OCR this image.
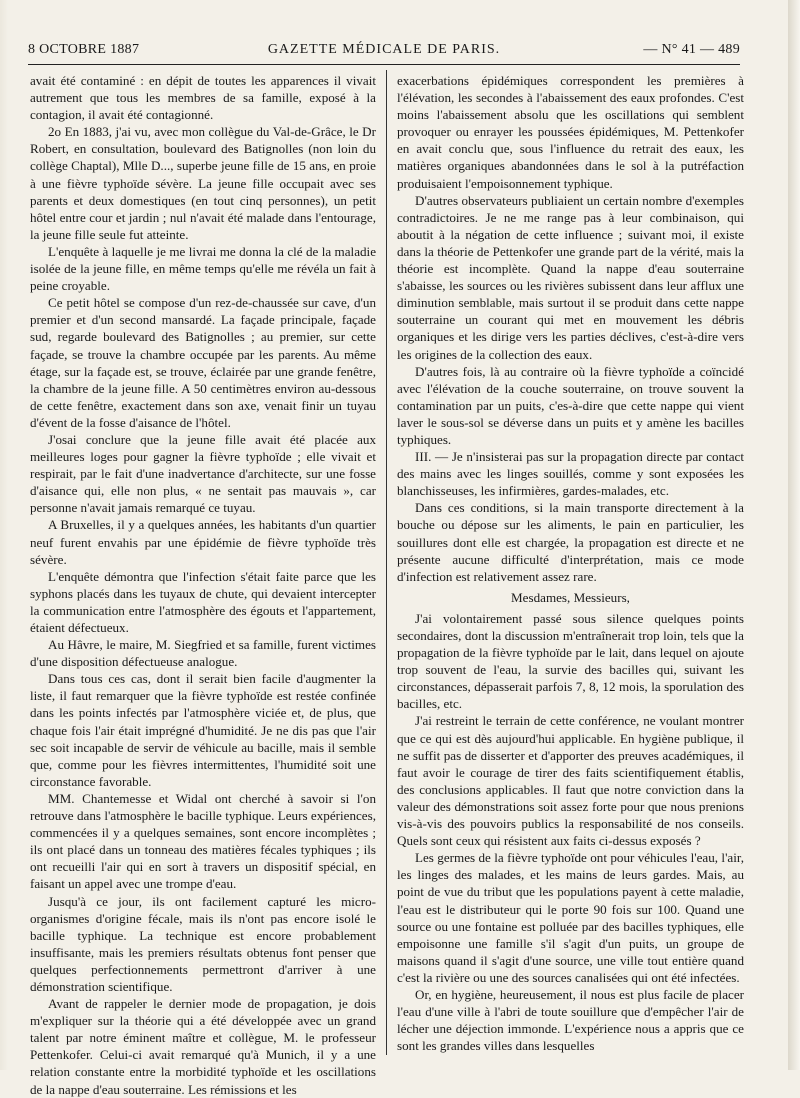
8 OCTOBRE 1887	GAZETTE MÉDICALE DE PARIS.	— N° 41 — 489

avait été contaminé : en dépit de toutes les apparences il vivait autrement que tous les membres de sa famille, exposé à la contagion, il avait été contagionné.

2o En 1883, j'ai vu, avec mon collègue du Val-de-Grâce, le Dr Robert, en consultation, boulevard des Batignolles (non loin du collège Chaptal), Mlle D..., superbe jeune fille de 15 ans, en proie à une fièvre typhoïde sévère. La jeune fille occupait avec ses parents et deux domestiques (en tout cinq personnes), un petit hôtel entre cour et jardin ; nul n'avait été malade dans l'entourage, la jeune fille seule fut atteinte.

L'enquête à laquelle je me livrai me donna la clé de la maladie isolée de la jeune fille, en même temps qu'elle me révéla un fait à peine croyable.

Ce petit hôtel se compose d'un rez-de-chaussée sur cave, d'un premier et d'un second mansardé. La façade principale, façade sud, regarde boulevard des Batignolles ; au premier, sur cette façade, se trouve la chambre occupée par les parents. Au même étage, sur la façade est, se trouve, éclairée par une grande fenêtre, la chambre de la jeune fille. A 50 centimètres environ au-dessous de cette fenêtre, exactement dans son axe, venait finir un tuyau d'évent de la fosse d'aisance de l'hôtel.

J'osai conclure que la jeune fille avait été placée aux meilleures loges pour gagner la fièvre typhoïde ; elle vivait et respirait, par le fait d'une inadvertance d'architecte, sur une fosse d'aisance qui, elle non plus, « ne sentait pas mauvais », car personne n'avait jamais remarqué ce tuyau.

A Bruxelles, il y a quelques années, les habitants d'un quartier neuf furent envahis par une épidémie de fièvre typhoïde très sévère.

L'enquête démontra que l'infection s'était faite parce que les syphons placés dans les tuyaux de chute, qui devaient intercepter la communication entre l'atmosphère des égouts et l'appartement, étaient défectueux.

Au Hâvre, le maire, M. Siegfried et sa famille, furent victimes d'une disposition défectueuse analogue.

Dans tous ces cas, dont il serait bien facile d'augmenter la liste, il faut remarquer que la fièvre typhoïde est restée confinée dans les points infectés par l'atmosphère viciée et, de plus, que chaque fois l'air était imprégné d'humidité. Je ne dis pas que l'air sec soit incapable de servir de véhicule au bacille, mais il semble que, comme pour les fièvres intermittentes, l'humidité soit une circonstance favorable.

MM. Chantemesse et Widal ont cherché à savoir si l'on retrouve dans l'atmosphère le bacille typhique. Leurs expériences, commencées il y a quelques semaines, sont encore incomplètes ; ils ont placé dans un tonneau des matières fécales typhiques ; ils ont recueilli l'air qui en sort à travers un dispositif spécial, en faisant un appel avec une trompe d'eau.

Jusqu'à ce jour, ils ont facilement capturé les micro-organismes d'origine fécale, mais ils n'ont pas encore isolé le bacille typhique. La technique est encore probablement insuffisante, mais les premiers résultats obtenus font penser que quelques perfectionnements permettront d'arriver à une démonstration scientifique.

Avant de rappeler le dernier mode de propagation, je dois m'expliquer sur la théorie qui a été développée avec un grand talent par notre éminent maître et collègue, M. le professeur Pettenkofer. Celui-ci avait remarqué qu'à Munich, il y a une relation constante entre la morbidité typhoïde et les oscillations de la nappe d'eau souterraine. Les rémissions et les

exacerbations épidémiques correspondent les premières à l'élévation, les secondes à l'abaissement des eaux profondes. C'est moins l'abaissement absolu que les oscillations qui semblent provoquer ou enrayer les poussées épidémiques, M. Pettenkofer en avait conclu que, sous l'influence du retrait des eaux, les matières organiques abandonnées dans le sol à la putréfaction produisaient l'empoisonnement typhique.

D'autres observateurs publiaient un certain nombre d'exemples contradictoires. Je ne me range pas à leur combinaison, qui aboutit à la négation de cette influence ; suivant moi, il existe dans la théorie de Pettenkofer une grande part de la vérité, mais la théorie est incomplète. Quand la nappe d'eau souterraine s'abaisse, les sources ou les rivières subissent dans leur afflux une diminution semblable, mais surtout il se produit dans cette nappe souterraine un courant qui met en mouvement les débris organiques et les dirige vers les parties déclives, c'est-à-dire vers les origines de la collection des eaux.

D'autres fois, là au contraire où la fièvre typhoïde a coïncidé avec l'élévation de la couche souterraine, on trouve souvent la contamination par un puits, c'es-à-dire que cette nappe qui vient laver le sous-sol se déverse dans un puits et y amène les bacilles typhiques.

III. — Je n'insisterai pas sur la propagation directe par contact des mains avec les linges souillés, comme y sont exposées les blanchisseuses, les infirmières, gardes-malades, etc.

Dans ces conditions, si la main transporte directement à la bouche ou dépose sur les aliments, le pain en particulier, les souillures dont elle est chargée, la propagation est directe et ne présente aucune difficulté d'interprétation, mais ce mode d'infection est relativement assez rare.

Mesdames, Messieurs,

J'ai volontairement passé sous silence quelques points secondaires, dont la discussion m'entraînerait trop loin, tels que la propagation de la fièvre typhoïde par le lait, dans lequel on ajoute trop souvent de l'eau, la survie des bacilles qui, suivant les circonstances, dépasserait parfois 7, 8, 12 mois, la sporulation des bacilles, etc.

J'ai restreint le terrain de cette conférence, ne voulant montrer que ce qui est dès aujourd'hui applicable. En hygiène publique, il ne suffit pas de disserter et d'apporter des preuves académiques, il faut avoir le courage de tirer des faits scientifiquement établis, des conclusions applicables. Il faut que notre conviction dans la valeur des démonstrations soit assez forte pour que nous prenions vis-à-vis des pouvoirs publics la responsabilité de nos conseils. Quels sont ceux qui résistent aux faits ci-dessus exposés ?

Les germes de la fièvre typhoïde ont pour véhicules l'eau, l'air, les linges des malades, et les mains de leurs gardes. Mais, au point de vue du tribut que les populations payent à cette maladie, l'eau est le distributeur qui le porte 90 fois sur 100. Quand une source ou une fontaine est polluée par des bacilles typhiques, elle empoisonne une famille s'il s'agit d'un puits, un groupe de maisons quand il s'agit d'une source, une ville tout entière quand c'est la rivière ou une des sources canalisées qui ont été infectées.

Or, en hygiène, heureusement, il nous est plus facile de placer l'eau d'une ville à l'abri de toute souillure que d'empêcher l'air de lécher une déjection immonde. L'expérience nous a appris que ce sont les grandes villes dans lesquelles
